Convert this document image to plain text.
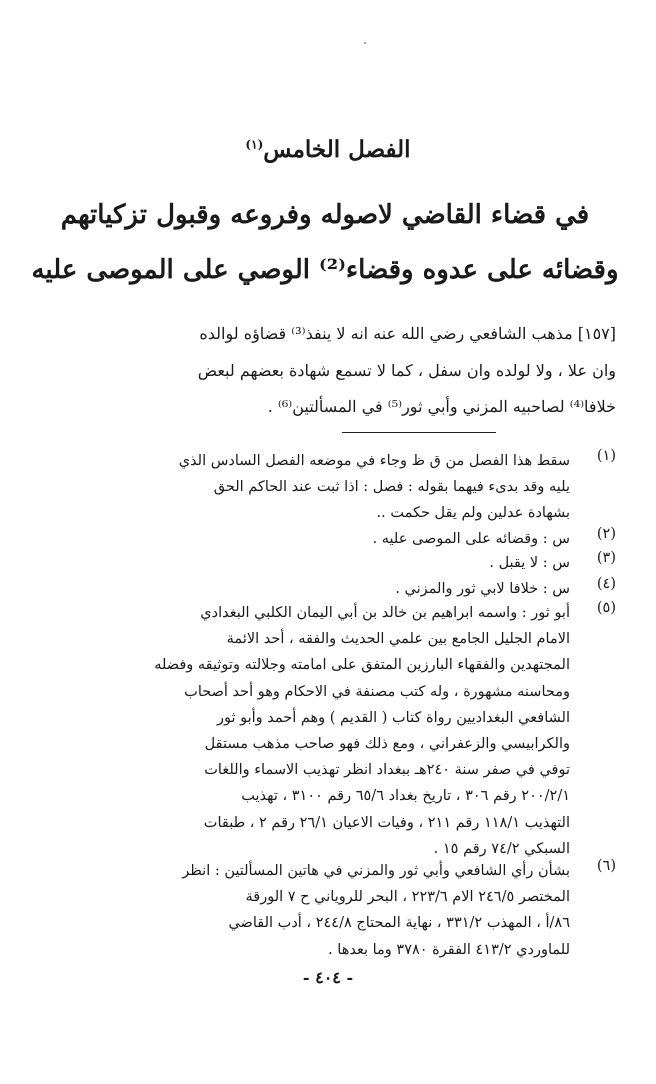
الفصل الخامس$^{(١)}$
في قضاء القاضي لاصوله وفروعه وقبول تزكياتهم
وقضائه على عدوه وقضاء⁽²⁾ الوصي على الموصى عليه
[١٥٧] مذهب الشافعي رضي الله عنه انه لا ينفذ⁽³⁾ قضاؤه لوالده
وان علا ، ولا لولده وان سفل ، كما لا تسمع شهادة بعضهم لبعض
خلافا⁽⁴⁾ لصاحبيه المزني وأبي ثور⁽⁵⁾ في المسألتين⁽⁶⁾ .
(١)
سقط هذا الفصل من ق ظ وجاء في موضعه الفصل السادس الذي
يليه وقد بدىء فيهما بقوله : فصل : اذا ثبت عند الحاكم الحق
بشهادة عدلين ولم يقل حكمت ..
(٢)
س : وقضائه على الموصى عليه .
(٣)
س : لا يقبل .
(٤)
س : خلافا لابي ثور والمزني .
(٥)
أبو ثور : واسمه ابراهيم بن خالد بن أبي اليمان الكلبي البغدادي
الامام الجليل الجامع بين علمي الحديث والفقه ، أحد الائمة
المجتهدين والفقهاء البارزين المتفق على امامته وجلالته وتوثيقه وفضله
ومحاسنه مشهورة ، وله كتب مصنفة في الاحكام وهو أحد أصحاب
الشافعي البغداديين رواة كتاب ( القديم ) وهم أحمد وأبو ثور
والكرابيسي والزعفراني ، ومع ذلك فهو صاحب مذهب مستقل
توفي في صفر سنة ٢٤٠هـ ببغداد انظر تهذيب الاسماء واللغات
٢٠٠/٢/١ رقم ٣٠٦ ، تاريخ بغداد ٦٥/٦ رقم ٣١٠٠ ، تهذيب
التهذيب ١١٨/١ رقم ٢١١ ، وفيات الاعيان ٢٦/١ رقم ٢ ، طبقات
السبكي ٧٤/٢ رقم ١٥ .
(٦)
بشأن رأي الشافعي وأبي ثور والمزني في هاتين المسألتين : انظر
المختصر ٢٤٦/٥ الام ٢٢٣/٦ ، البحر للروياني ح ٧ الورقة
٨٦/أ ، المهذب ٣٣١/٢ ، نهاية المحتاج ٢٤٤/٨ ، أدب القاضي
للماوردي ٤١٣/٢ الفقرة ٣٧٨٠ وما بعدها .
- ٤٠٤ -
